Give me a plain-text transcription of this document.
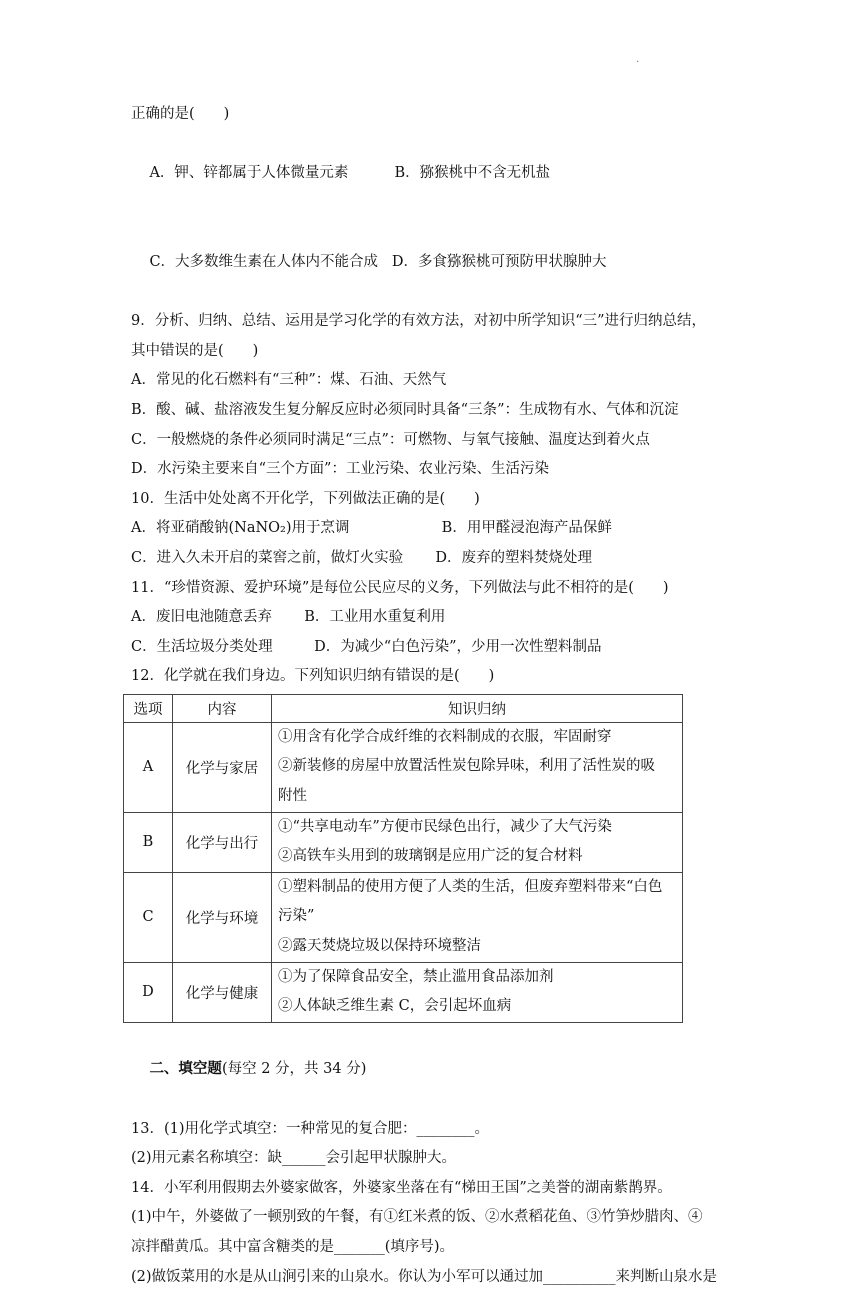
.
正确的是(　　)

A．钾、锌都属于人体微量元素	B．猕猴桃中不含无机盐

C．大多数维生素在人体内不能合成 D．多食猕猴桃可预防甲状腺肿大

9．分析、归纳、总结、运用是学习化学的有效方法，对初中所学知识“三”进行归纳总结，
其中错误的是(　　)
A．常见的化石燃料有“三种”：煤、石油、天然气
B．酸、碱、盐溶液发生复分解反应时必须同时具备“三条”：生成物有水、气体和沉淀
C．一般燃烧的条件必须同时满足“三点”：可燃物、与氧气接触、温度达到着火点
D．水污染主要来自“三个方面”：工业污染、农业污染、生活污染
10．生活中处处离不开化学，下列做法正确的是(　　)
A．将亚硝酸钠(NaNO₂)用于烹调                    B．用甲醛浸泡海产品保鲜
C．进入久未开启的菜窖之前，做灯火实验       D．废弃的塑料焚烧处理
11．“珍惜资源、爱护环境”是每位公民应尽的义务，下列做法与此不相符的是(　　)
A．废旧电池随意丢弃       B．工业用水重复利用
C．生活垃圾分类处理         D．为减少“白色污染”，少用一次性塑料制品
12．化学就在我们身边。下列知识归纳有错误的是(　　)
选项	内容	知识归纳
A	化学与家居	①用含有化学合成纤维的衣料制成的衣服，牢固耐穿
②新装修的房屋中放置活性炭包除异味，利用了活性炭的吸
附性

B	化学与出行	①“共享电动车”方便市民绿色出行，减少了大气污染
②高铁车头用到的玻璃钢是应用广泛的复合材料

C	化学与环境	①塑料制品的使用方便了人类的生活，但废弃塑料带来“白色
污染”
②露天焚烧垃圾以保持环境整洁

D	化学与健康	①为了保障食品安全，禁止滥用食品添加剂
②人体缺乏维生素 C，会引起坏血病

二、填空题(每空 2 分，共 34 分)

13．(1)用化学式填空：一种常见的复合肥：________。
(2)用元素名称填空：缺______会引起甲状腺肿大。
14．小军利用假期去外婆家做客，外婆家坐落在有“梯田王国”之美誉的湖南紫鹊界。
(1)中午，外婆做了一顿别致的午餐，有①红米煮的饭、②水煮稻花鱼、③竹笋炒腊肉、④
凉拌醋黄瓜。其中富含糖类的是_______(填序号)。
(2)做饭菜用的水是从山涧引来的山泉水。你认为小军可以通过加__________来判断山泉水是
